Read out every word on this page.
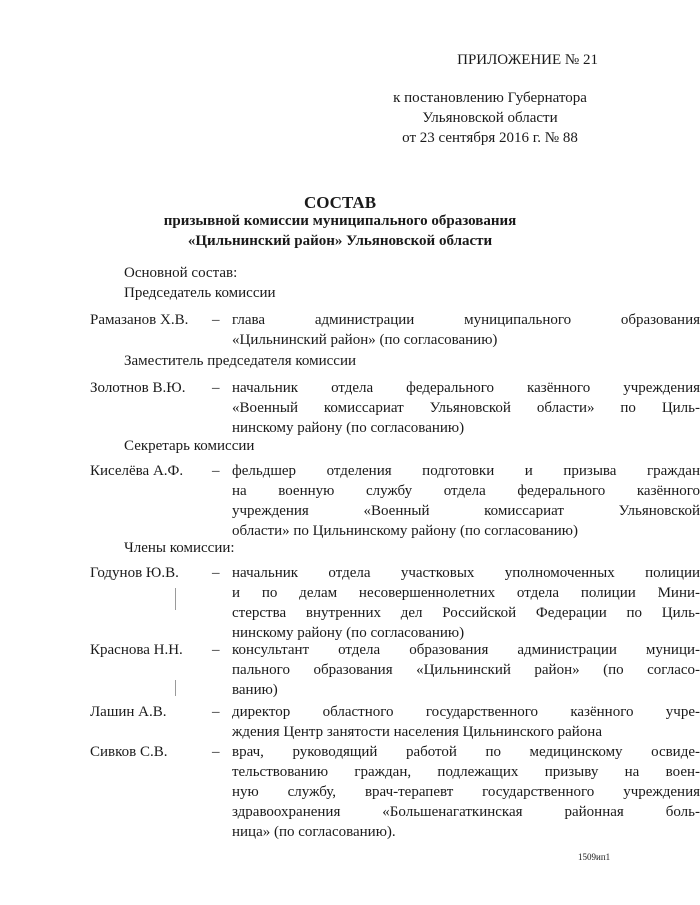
ПРИЛОЖЕНИЕ № 21
к постановлению Губернатора
Ульяновской области
от 23 сентября 2016 г. № 88
СОСТАВ
призывной комиссии муниципального образования
«Цильнинский район» Ульяновской области
Основной состав:
Председатель комиссии
Рамазанов Х.В. – глава администрации муниципального образования
«Цильнинский район» (по согласованию)
Заместитель председателя комиссии
Золотнов В.Ю. – начальник отдела федерального казённого учреждения
«Военный комиссариат Ульяновской области» по Циль-
нинскому району (по согласованию)
Секретарь комиссии
Киселёва А.Ф. – фельдшер отделения подготовки и призыва граждан
на военную службу отдела федерального казённого
учреждения «Военный комиссариат Ульяновской
области» по Цильнинскому району (по согласованию)
Члены комиссии:
Годунов Ю.В. – начальник отдела участковых уполномоченных полиции
и по делам несовершеннолетних отдела полиции Мини-
стерства внутренних дел Российской Федерации по Циль-
нинскому району (по согласованию)
Краснова Н.Н. – консультант отдела образования администрации муници-
пального образования «Цильнинский район» (по согласо-
ванию)
Лашин А.В.	– директор областного государственного казённого учре-
ждения Центр занятости населения Цильнинского района
Сивков С.В.	– врач, руководящий работой по медицинскому освиде-
тельствованию граждан, подлежащих призыву на воен-
ную службу, врач-терапевт государственного учреждения
здравоохранения «Большенагаткинская районная боль-
ница» (по согласованию).
1509ип1
